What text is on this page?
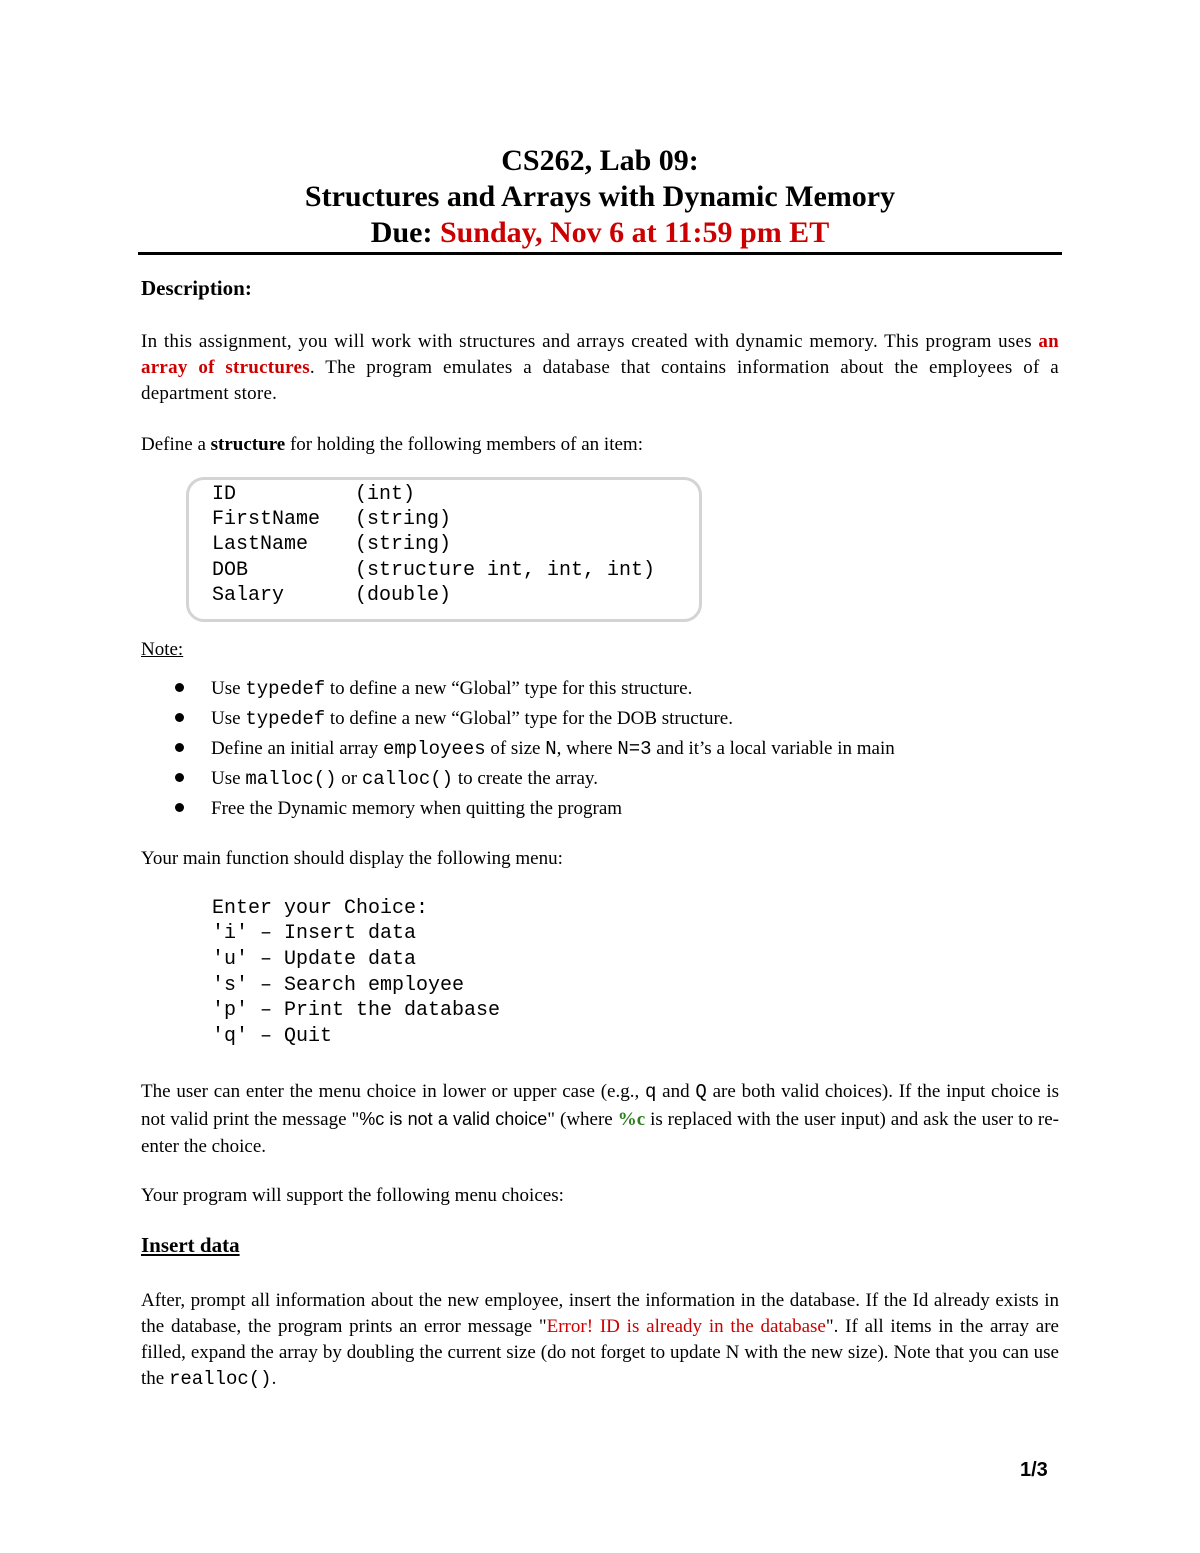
CS262, Lab 09:
Structures and Arrays with Dynamic Memory
Due: Sunday, Nov 6 at 11:59 pm ET
Description:
In this assignment, you will work with structures and arrays created with dynamic memory. This program uses an array of structures. The program emulates a database that contains information about the employees of a department store.
Define a structure for holding the following members of an item:
ID	(int)
FirstName (string)
LastName (string)
DOB	(structure int, int, int)
Salary	(double)
Note:
Use typedef to define a new “Global” type for this structure.
Use typedef to define a new “Global” type for the DOB structure.
Define an initial array employees of size N, where N=3 and it’s a local variable in main
Use malloc() or calloc() to create the array.
Free the Dynamic memory when quitting the program
Your main function should display the following menu:
Enter your Choice:
'i' – Insert data
'u' – Update data
's' – Search employee
'p' – Print the database
'q' – Quit
The user can enter the menu choice in lower or upper case (e.g., q and Q are both valid choices). If the input choice is not valid print the message "%c is not a valid choice" (where %c is replaced with the user input) and ask the user to re-enter the choice.
Your program will support the following menu choices:
Insert data
After, prompt all information about the new employee, insert the information in the database. If the Id already exists in the database, the program prints an error message "Error! ID is already in the database". If all items in the array are filled, expand the array by doubling the current size (do not forget to update N with the new size). Note that you can use the realloc().
1/3
